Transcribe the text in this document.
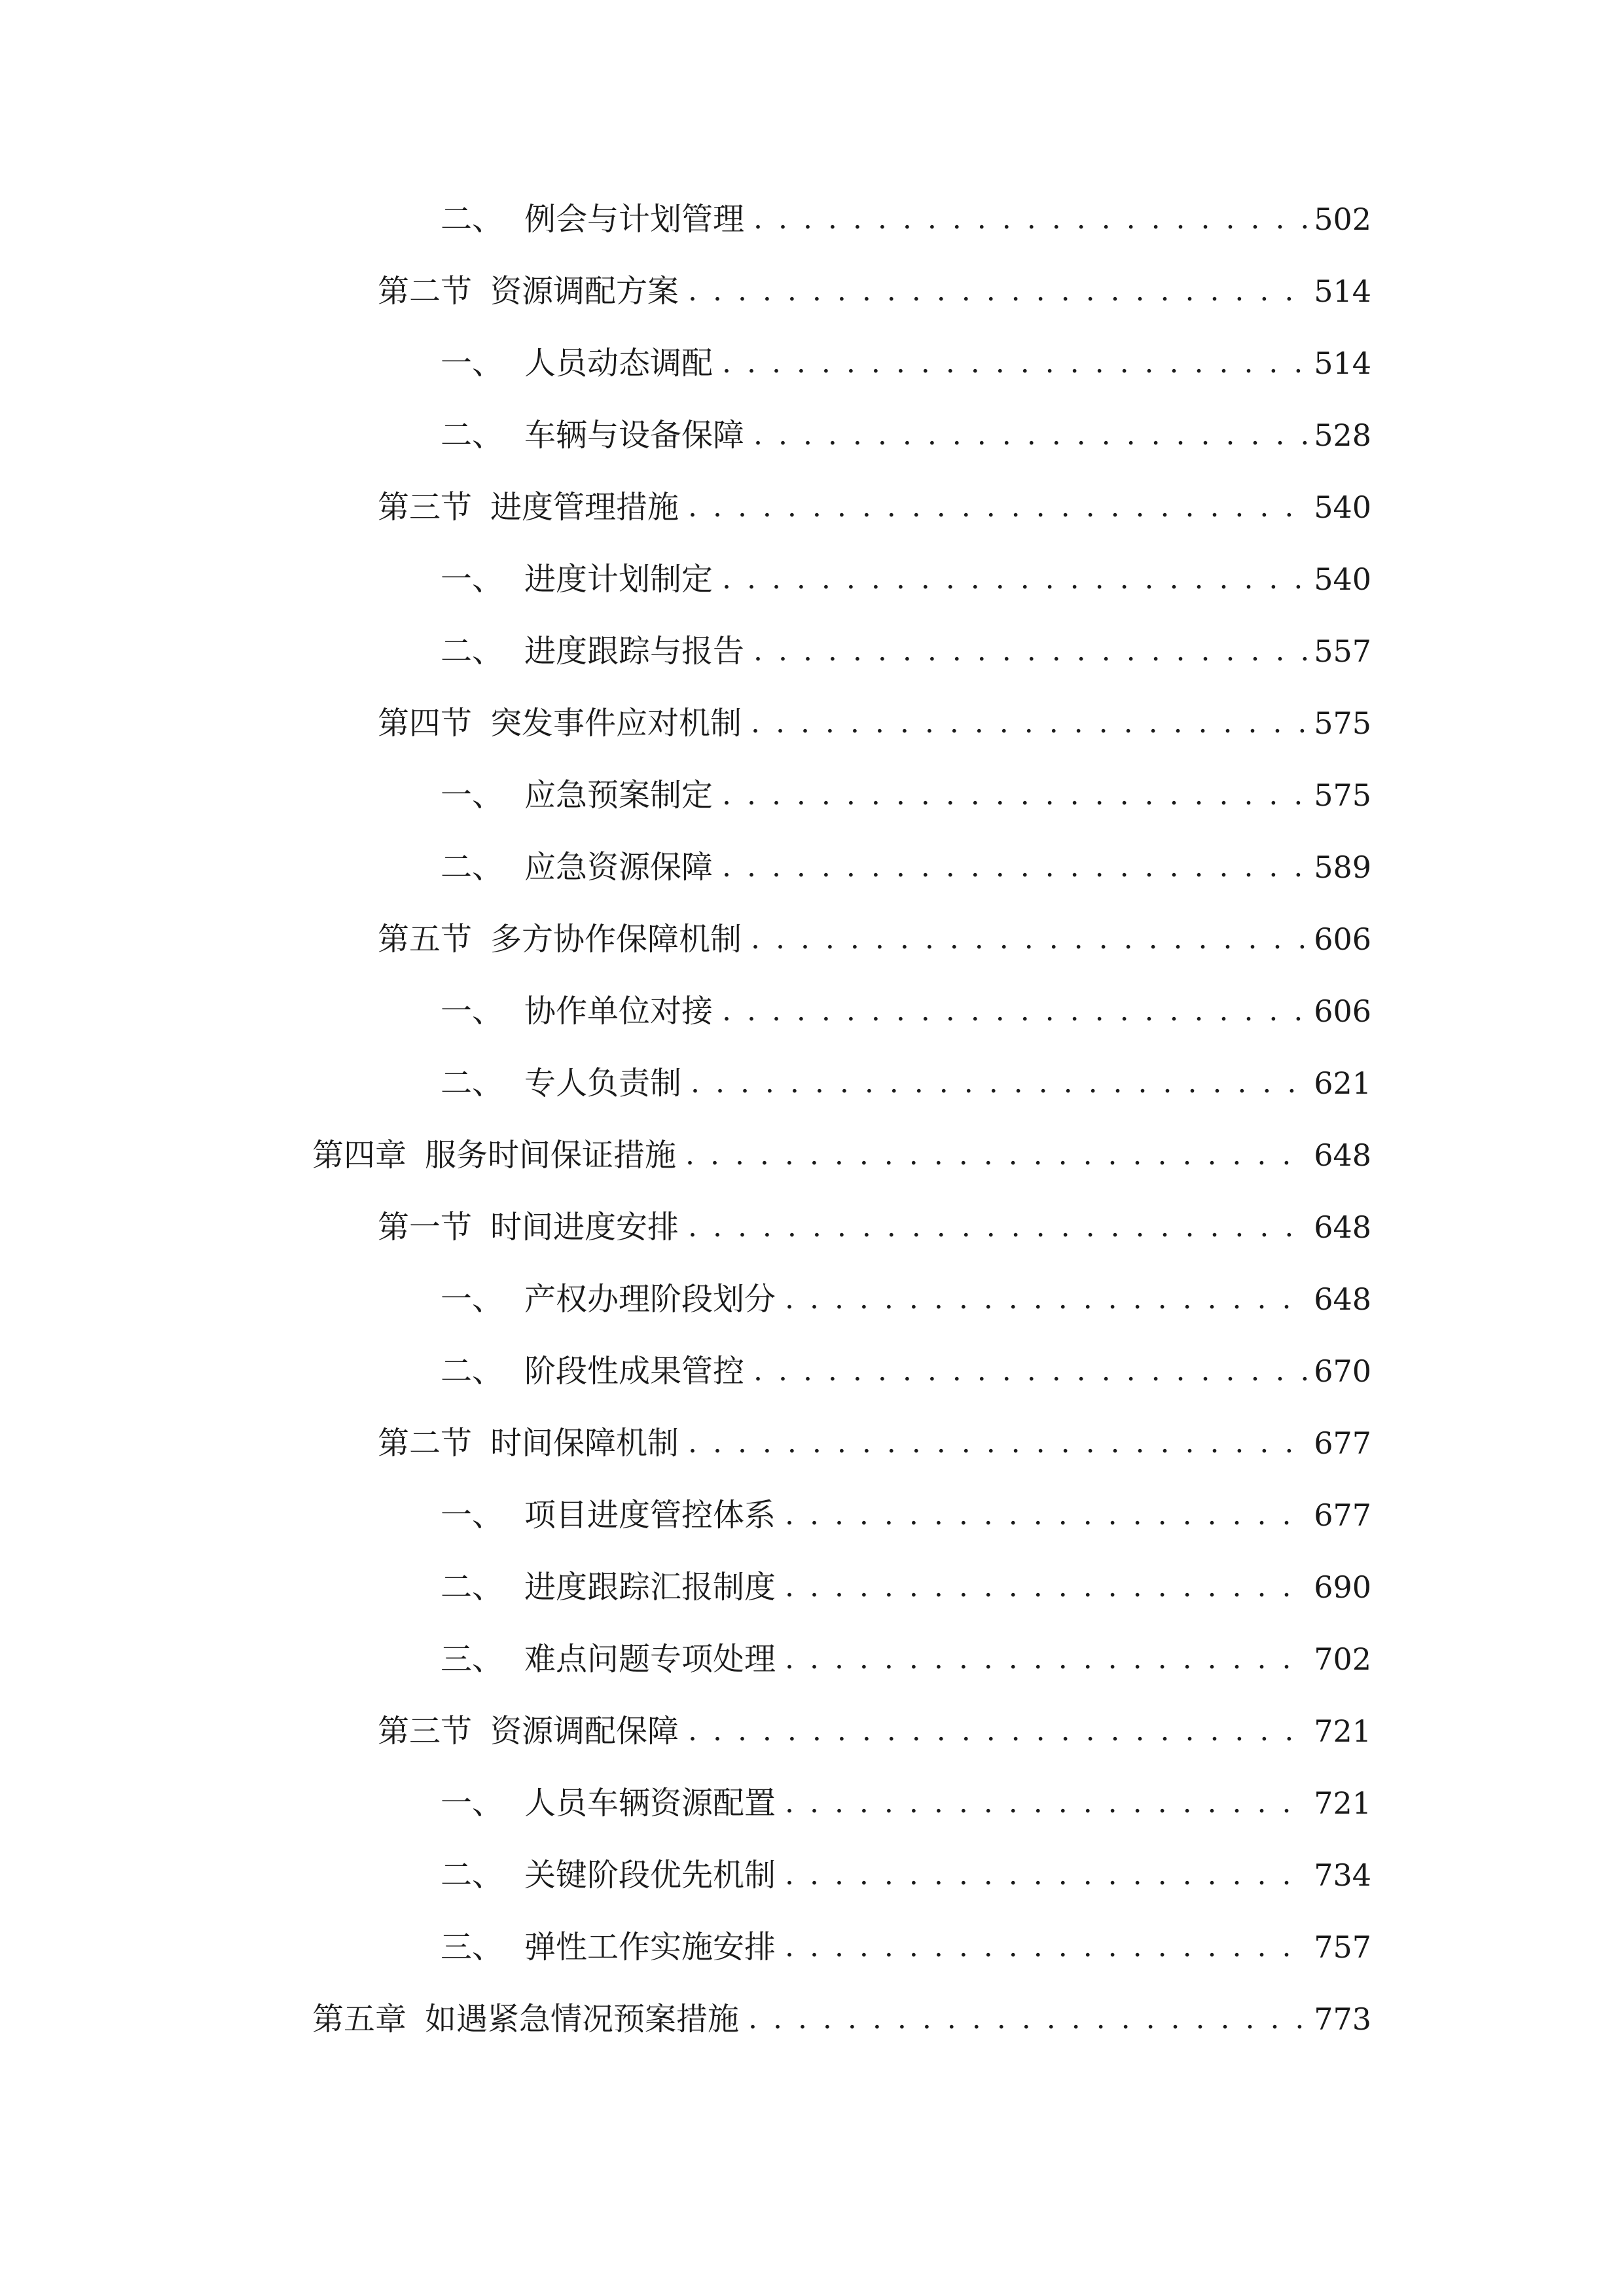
二、 例会与计划管理 . . .	502
第二节 资源调配方案 . . .	514
一、 人员动态调配 . . .	514
二、 车辆与设备保障 . . .	528
第三节 进度管理措施 . . .	540
一、 进度计划制定 . . .	540
二、 进度跟踪与报告 . . .	557
第四节 突发事件应对机制 . . .	575
一、 应急预案制定 . . .	575
二、 应急资源保障 . . .	589
第五节 多方协作保障机制 . . .	606
一、 协作单位对接 . . .	606
二、 专人负责制 . . .	621
第四章 服务时间保证措施 . . .	648
第一节 时间进度安排 . . .	648
一、 产权办理阶段划分 . . .	648
二、 阶段性成果管控 . . .	670
第二节 时间保障机制 . . .	677
一、 项目进度管控体系 . . .	677
二、 进度跟踪汇报制度 . . .	690
三、 难点问题专项处理 . . .	702
第三节 资源调配保障 . . .	721
一、 人员车辆资源配置 . . .	721
二、 关键阶段优先机制 . . .	734
三、 弹性工作实施安排 . . .	757
第五章 如遇紧急情况预案措施 . . .	773
